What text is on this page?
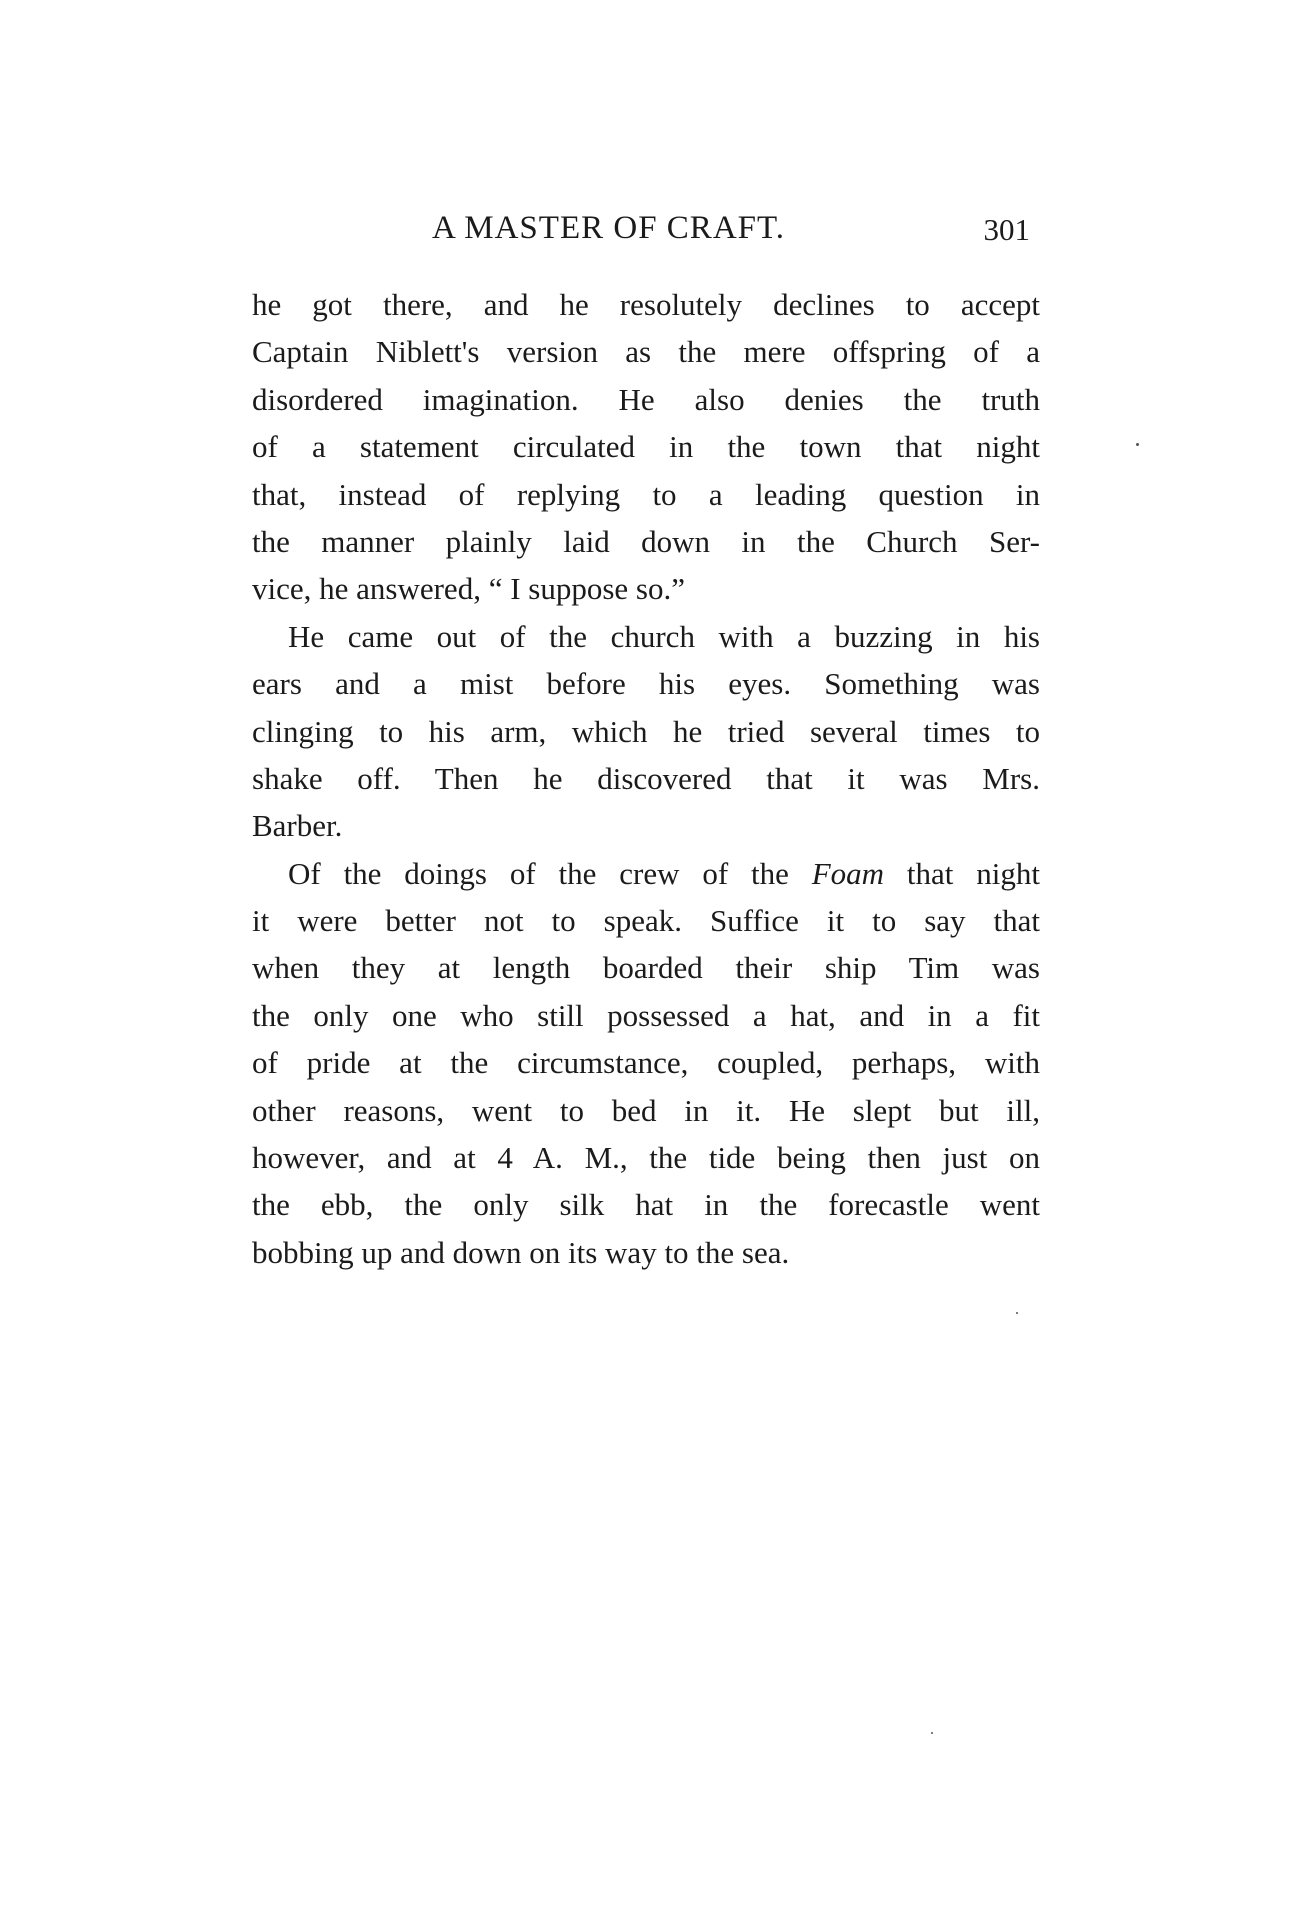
A MASTER OF CRAFT.	301
he got there, and he resolutely declines to accept
Captain Niblett's version as the mere offspring of a
disordered imagination. He also denies the truth
of a statement circulated in the town that night
that, instead of replying to a leading question in
the manner plainly laid down in the Church Ser-
vice, he answered, “ I suppose so.”
He came out of the church with a buzzing in his
ears and a mist before his eyes. Something was
clinging to his arm, which he tried several times to
shake off. Then he discovered that it was Mrs.
Barber.
Of the doings of the crew of the Foam that night
it were better not to speak. Suffice it to say that
when they at length boarded their ship Tim was
the only one who still possessed a hat, and in a fit
of pride at the circumstance, coupled, perhaps, with
other reasons, went to bed in it. He slept but ill,
however, and at 4 A. M., the tide being then just on
the ebb, the only silk hat in the forecastle went
bobbing up and down on its way to the sea.
